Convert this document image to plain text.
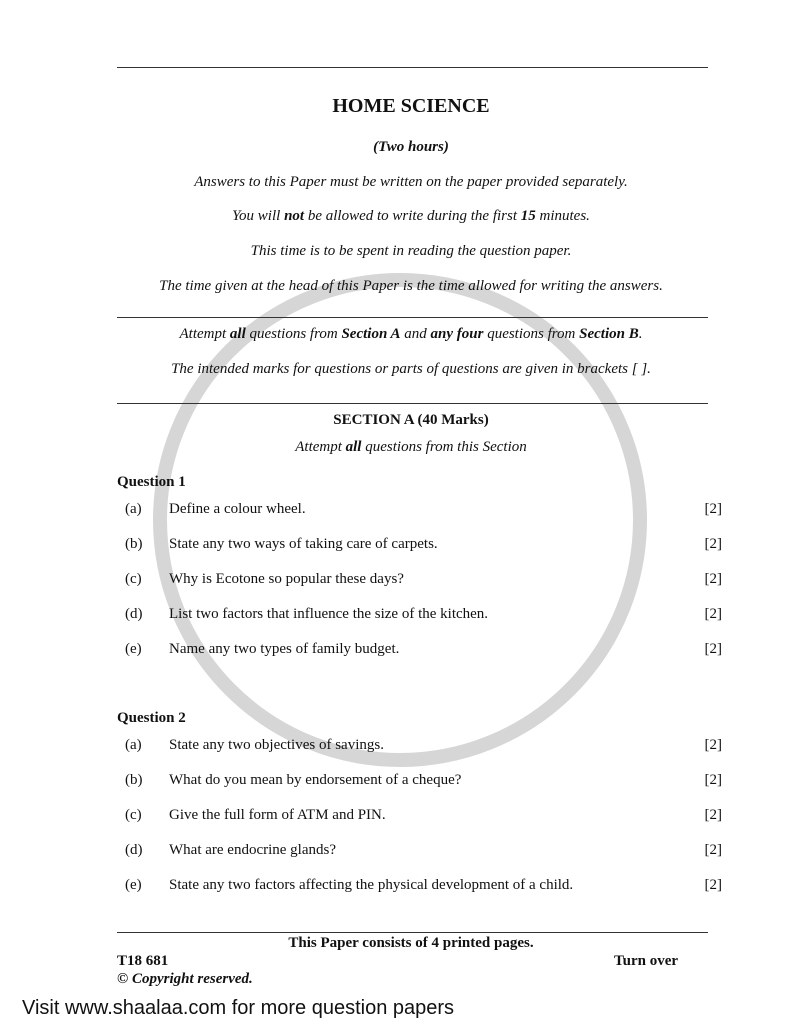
HOME SCIENCE
(Two hours)
Answers to this Paper must be written on the paper provided separately.
You will not be allowed to write during the first 15 minutes.
This time is to be spent in reading the question paper.
The time given at the head of this Paper is the time allowed for writing the answers.
Attempt all questions from Section A and any four questions from Section B.
The intended marks for questions or parts of questions are given in brackets [ ].
SECTION A (40 Marks)
Attempt all questions from this Section
Question 1
(a) Define a colour wheel.	[2]
(b) State any two ways of taking care of carpets.	[2]
(c) Why is Ecotone so popular these days?	[2]
(d) List two factors that influence the size of the kitchen.	[2]
(e) Name any two types of family budget.	[2]
Question 2
(a) State any two objectives of savings.	[2]
(b) What do you mean by endorsement of a cheque?	[2]
(c) Give the full form of ATM and PIN.	[2]
(d) What are endocrine glands?	[2]
(e) State any two factors affecting the physical development of a child.	[2]
This Paper consists of 4 printed pages.
T18 681	Turn over
© Copyright reserved.
Visit www.shaalaa.com for more question papers
